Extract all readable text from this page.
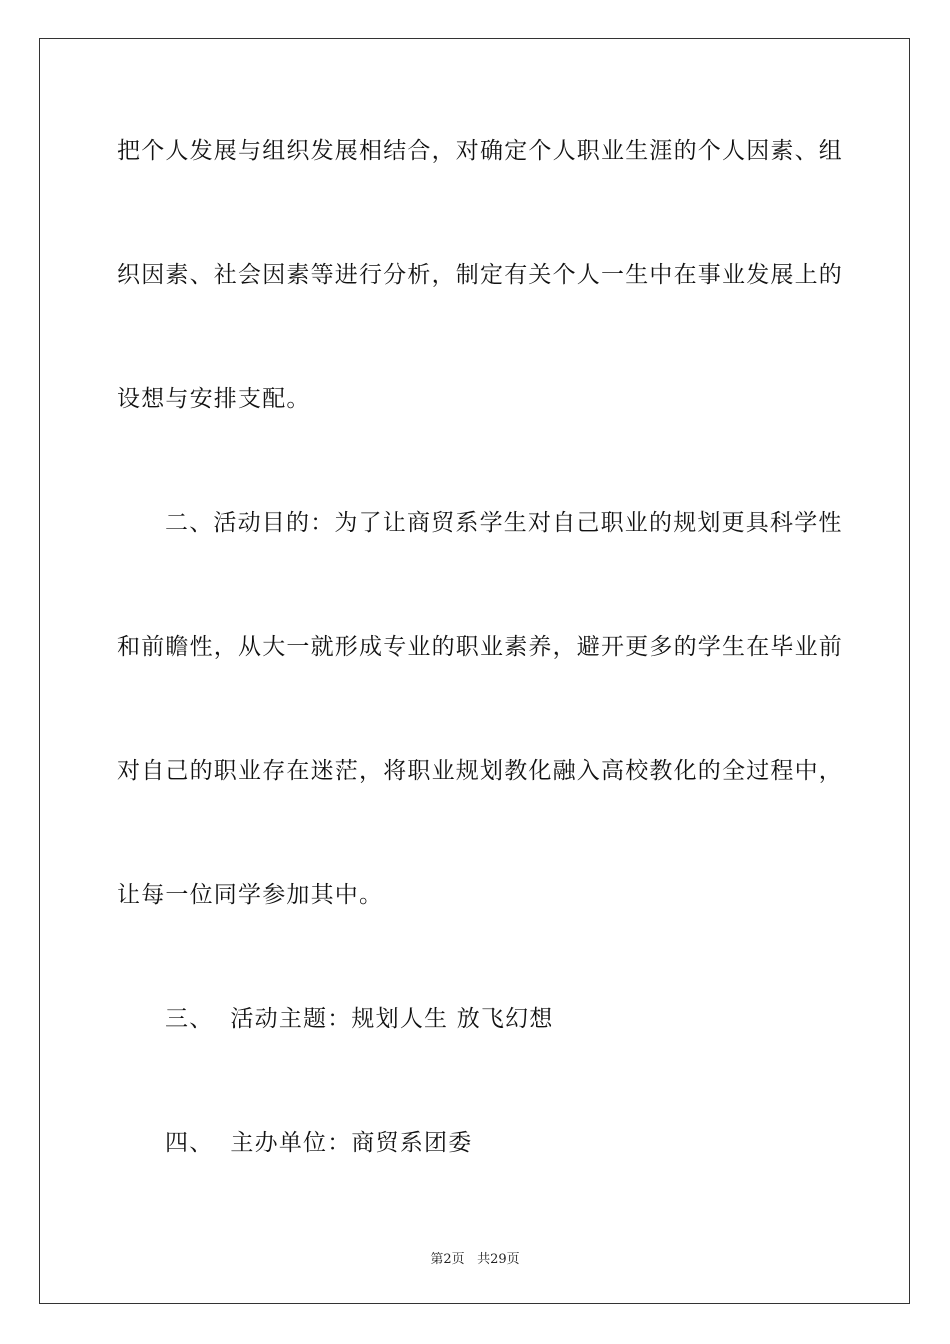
把个人发展与组织发展相结合，对确定个人职业生涯的个人因素、组
织因素、社会因素等进行分析，制定有关个人一生中在事业发展上的
设想与安排支配。
二、活动目的：为了让商贸系学生对自己职业的规划更具科学性
和前瞻性，从大一就形成专业的职业素养，避开更多的学生在毕业前
对自己的职业存在迷茫，将职业规划教化融入高校教化的全过程中，
让每一位同学参加其中。
三、  活动主题：规划人生 放飞幻想
四、  主办单位：商贸系团委
第2页 共29页
